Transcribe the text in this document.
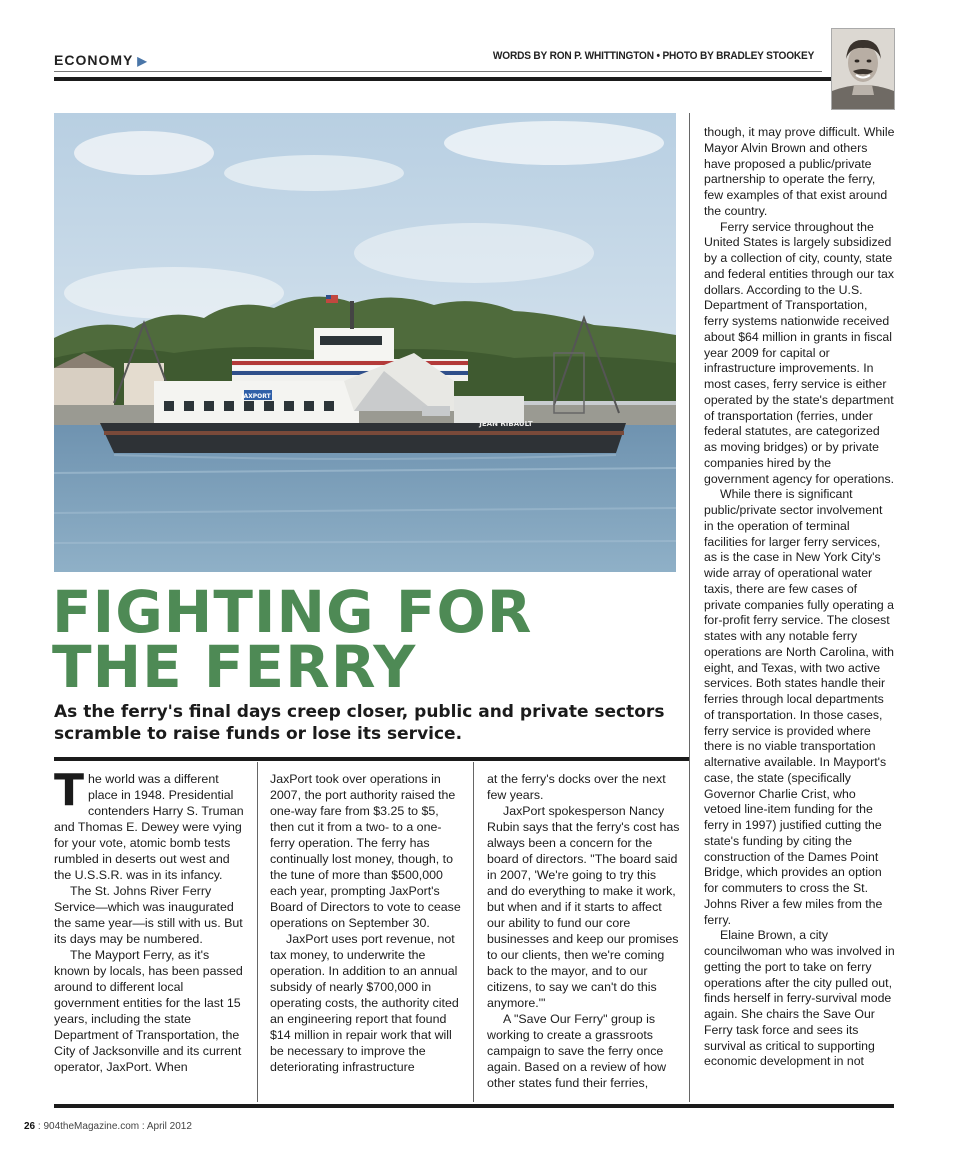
ECONOMY ▶	WORDS BY RON P. WHITTINGTON • PHOTO BY BRADLEY STOOKEY
JAXPORT
JEAN RIBAULT
FIGHTING FOR
THE FERRY

As the ferry's final days creep closer, public and private sectors scramble to raise funds or lose its service.

The world was a different place in 1948. Presidential contenders Harry S. Truman and Thomas E. Dewey were vying for your vote, atomic bomb tests rumbled in deserts out west and the U.S.S.R. was in its infancy.

The St. Johns River Ferry Service—which was inaugurated the same year—is still with us. But its days may be numbered.

The Mayport Ferry, as it's known by locals, has been passed around to different local government entities for the last 15 years, including the state Department of Transportation, the City of Jacksonville and its current operator, JaxPort. When

JaxPort took over operations in 2007, the port authority raised the one-way fare from $3.25 to $5, then cut it from a two- to a one-ferry operation. The ferry has continually lost money, though, to the tune of more than $500,000 each year, prompting JaxPort's Board of Directors to vote to cease operations on September 30.

JaxPort uses port revenue, not tax money, to underwrite the operation. In addition to an annual subsidy of nearly $700,000 in operating costs, the authority cited an engineering report that found $14 million in repair work that will be necessary to improve the deteriorating infrastructure

at the ferry's docks over the next few years.

JaxPort spokesperson Nancy Rubin says that the ferry's cost has always been a concern for the board of directors. "The board said in 2007, 'We're going to try this and do everything to make it work, but when and if it starts to affect our ability to fund our core businesses and keep our promises to our clients, then we're coming back to the mayor, and to our citizens, to say we can't do this anymore.'"

A "Save Our Ferry" group is working to create a grassroots campaign to save the ferry once again. Based on a review of how other states fund their ferries,

though, it may prove difficult. While Mayor Alvin Brown and others have proposed a public/private partnership to operate the ferry, few examples of that exist around the country.

Ferry service throughout the United States is largely subsidized by a collection of city, county, state and federal entities through our tax dollars. According to the U.S. Department of Transportation, ferry systems nationwide received about $64 million in grants in fiscal year 2009 for capital or infrastructure improvements. In most cases, ferry service is either operated by the state's department of transportation (ferries, under federal statutes, are categorized as moving bridges) or by private companies hired by the government agency for operations.

While there is significant public/private sector involvement in the operation of terminal facilities for larger ferry services, as is the case in New York City's wide array of operational water taxis, there are few cases of private companies fully operating a for-profit ferry service. The closest states with any notable ferry operations are North Carolina, with eight, and Texas, with two active services. Both states handle their ferries through local departments of transportation. In those cases, ferry service is provided where there is no viable transportation alternative available. In Mayport's case, the state (specifically Governor Charlie Crist, who vetoed line-item funding for the ferry in 1997) justified cutting the state's funding by citing the construction of the Dames Point Bridge, which provides an option for commuters to cross the St. Johns River a few miles from the ferry.

Elaine Brown, a city councilwoman who was involved in getting the port to take on ferry operations after the city pulled out, finds herself in ferry-survival mode again. She chairs the Save Our Ferry task force and sees its survival as critical to supporting economic development in not

26 : 904theMagazine.com : April 2012
